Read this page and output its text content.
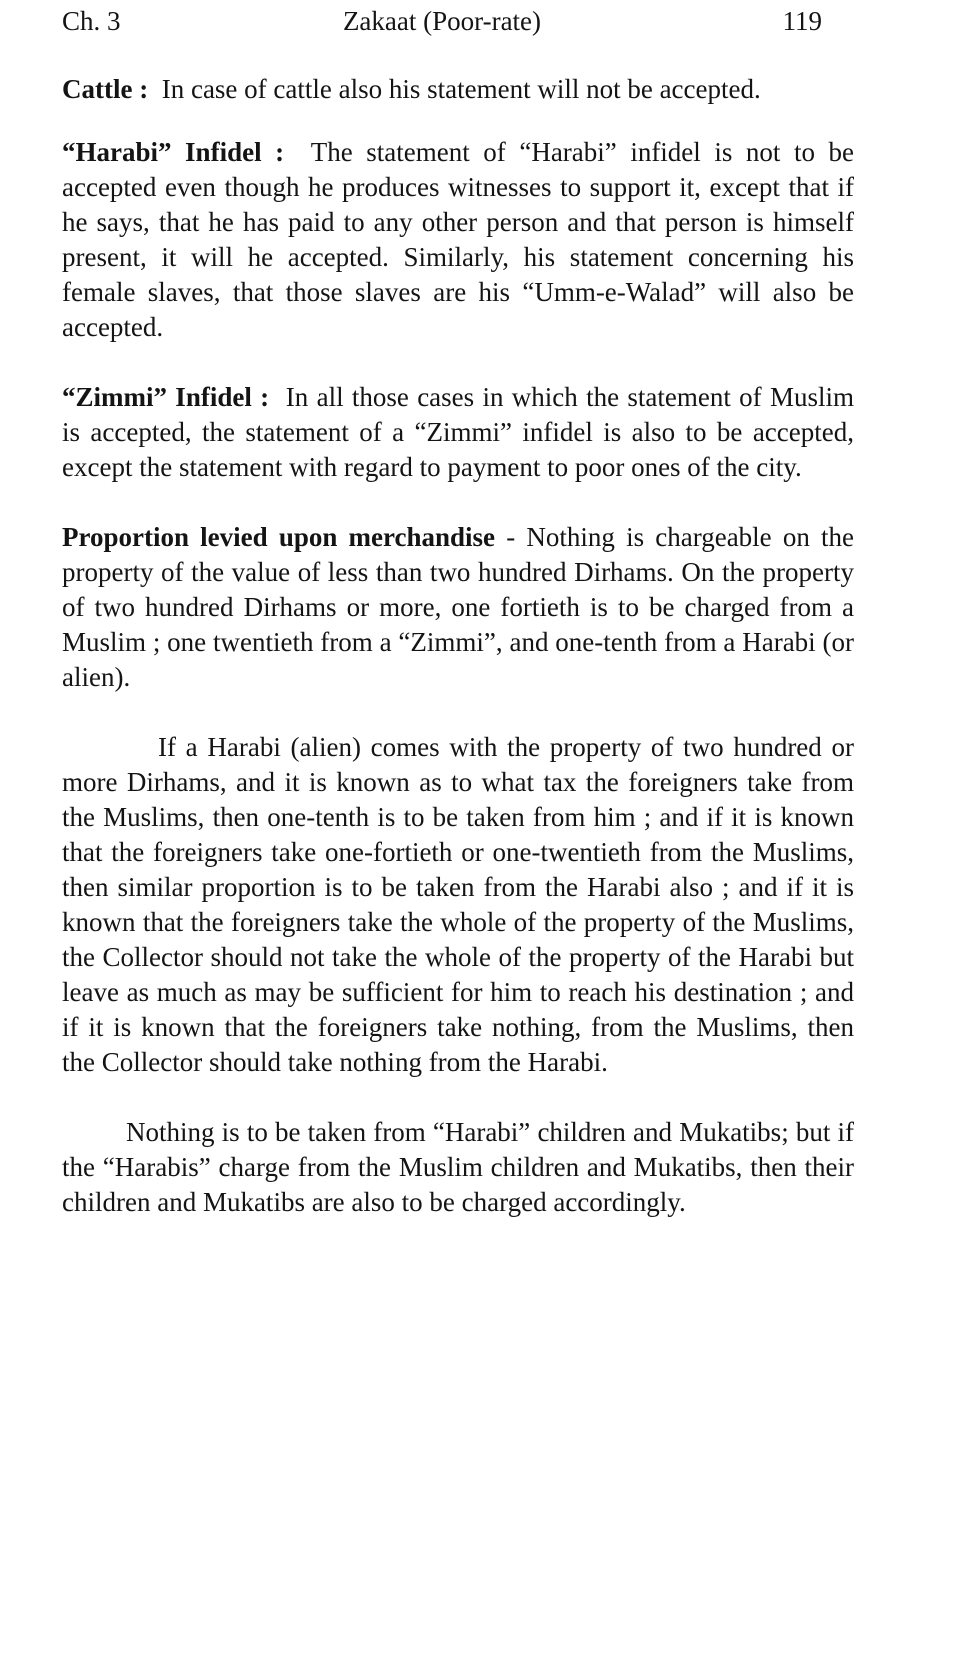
Ch. 3	Zakaat (Poor-rate)	119

Cattle : In case of cattle also his statement will not be accepted.

“Harabi” Infidel : The statement of “Harabi” infidel is not to be accepted even though he produces witnesses to support it, except that if he says, that he has paid to any other person and that person is himself present, it will he accepted. Similarly, his statement concerning his female slaves, that those slaves are his “Umm-e-Walad” will also be accepted.

“Zimmi” Infidel : In all those cases in which the statement of Muslim is accepted, the statement of a “Zimmi” infidel is also to be accepted, except the statement with regard to payment to poor ones of the city.

Proportion levied upon merchandise - Nothing is chargeable on the property of the value of less than two hundred Dirhams. On the property of two hundred Dirhams or more, one fortieth is to be charged from a Muslim ; one twentieth from a “Zimmi”, and one-tenth from a Harabi (or alien).

If a Harabi (alien) comes with the property of two hundred or more Dirhams, and it is known as to what tax the foreigners take from the Muslims, then one-tenth is to be taken from him ; and if it is known that the foreigners take one-fortieth or one-twentieth from the Muslims, then similar proportion is to be taken from the Harabi also ; and if it is known that the foreigners take the whole of the property of the Muslims, the Collector should not take the whole of the property of the Harabi but leave as much as may be sufficient for him to reach his destination ; and if it is known that the foreigners take nothing, from the Muslims, then the Collector should take nothing from the Harabi.

Nothing is to be taken from “Harabi” children and Mukatibs; but if the “Harabis” charge from the Muslim children and Mukatibs, then their children and Mukatibs are also to be charged accordingly.
